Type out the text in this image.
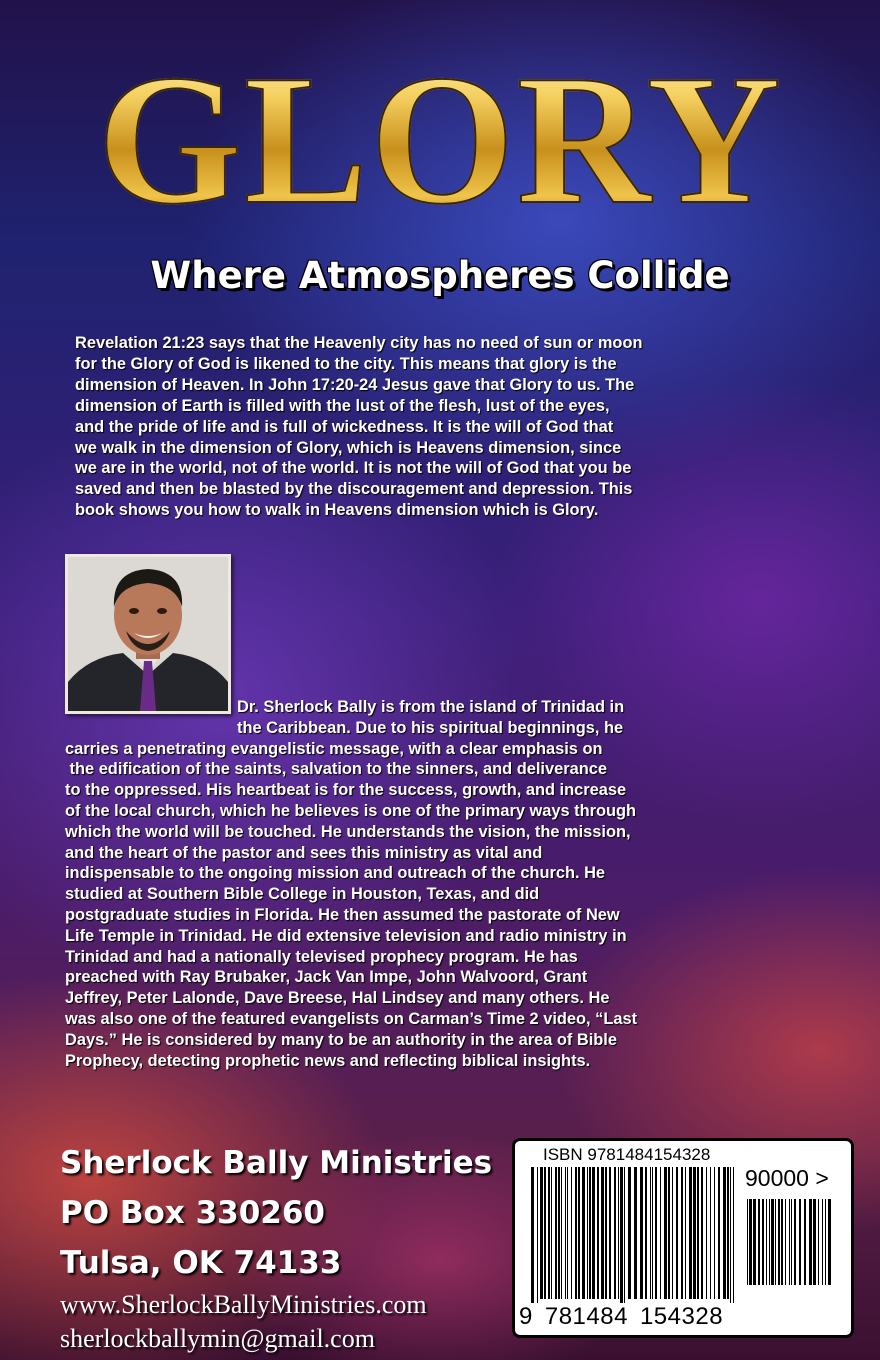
GLORY
Where Atmospheres Collide
Revelation 21:23 says that the Heavenly city has no need of sun or moon
for the Glory of God is likened to the city. This means that glory is the
dimension of Heaven. In John 17:20-24 Jesus gave that Glory to us. The
dimension of Earth is filled with the lust of the flesh, lust of the eyes,
and the pride of life and is full of wickedness. It is the will of God that
we walk in the dimension of Glory, which is Heavens dimension, since
we are in the world, not of the world. It is not the will of God that you be
saved and then be blasted by the discouragement and depression. This
book shows you how to walk in Heavens dimension which is Glory.
Dr. Sherlock Bally is from the island of Trinidad in
the Caribbean. Due to his spiritual beginnings, he
carries a penetrating evangelistic message, with a clear emphasis on
the edification of the saints, salvation to the sinners, and deliverance
to the oppressed. His heartbeat is for the success, growth, and increase
of the local church, which he believes is one of the primary ways through
which the world will be touched. He understands the vision, the mission,
and the heart of the pastor and sees this ministry as vital and
indispensable to the ongoing mission and outreach of the church. He
studied at Southern Bible College in Houston, Texas, and did
postgraduate studies in Florida. He then assumed the pastorate of New
Life Temple in Trinidad. He did extensive television and radio ministry in
Trinidad and had a nationally televised prophecy program. He has
preached with Ray Brubaker, Jack Van Impe, John Walvoord, Grant
Jeffrey, Peter Lalonde, Dave Breese, Hal Lindsey and many others. He
was also one of the featured evangelists on Carman’s Time 2 video, “Last
Days.” He is considered by many to be an authority in the area of Bible
Prophecy, detecting prophetic news and reflecting biblical insights.
Sherlock Bally Ministries
PO Box 330260
Tulsa, OK 74133
www.SherlockBallyMinistries.com
sherlockballymin@gmail.com
ISBN 9781484154328
90000 >
9 781484 154328
